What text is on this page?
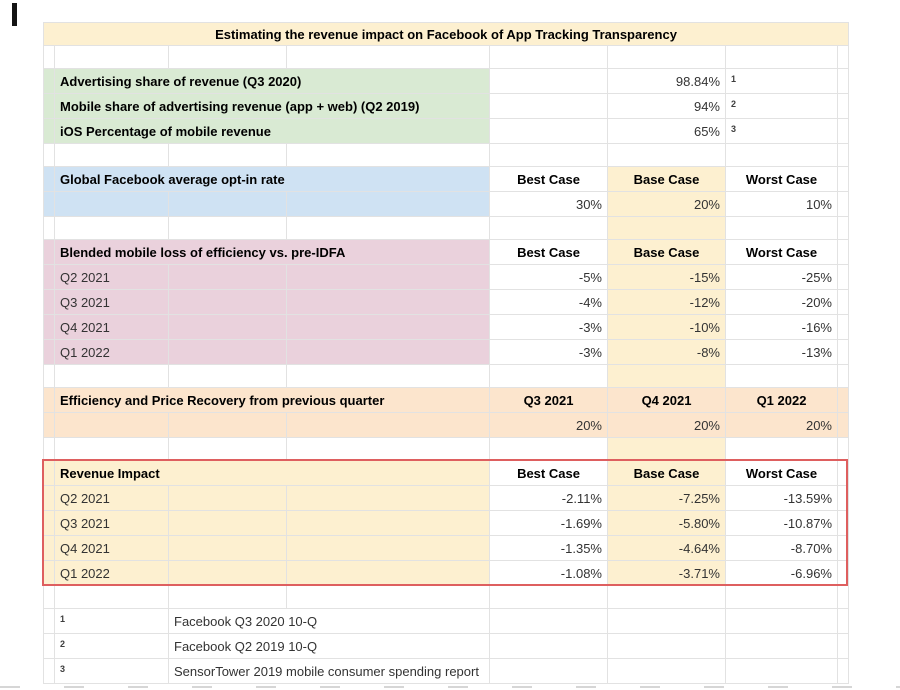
Estimating the revenue impact on Facebook of App Tracking Transparency							

	Advertising share of revenue (Q3 2020)				98.84%	$^1$	
	Mobile share of advertising revenue (app + web) (Q2 2019)				94%	$^2$	
	iOS Percentage of mobile revenue				65%	$^3$	

	Global Facebook average opt-in rate			Best Case	Base Case	Worst Case	
				30%	20%	10%	

	Blended mobile loss of efficiency vs. pre-IDFA			Best Case	Base Case	Worst Case	
	Q2 2021			-5%	-15%	-25%	
	Q3 2021			-4%	-12%	-20%	
	Q4 2021			-3%	-10%	-16%	
	Q1 2022			-3%	-8%	-13%	

	Efficiency and Price Recovery from previous quarter			Q3 2021	Q4 2021	Q1 2022	
				20%	20%	20%	

	Revenue Impact			Best Case	Base Case	Worst Case	
	Q2 2021			-2.11%	-7.25%	-13.59%	
	Q3 2021			-1.69%	-5.80%	-10.87%	
	Q4 2021			-1.35%	-4.64%	-8.70%	
	Q1 2022			-1.08%	-3.71%	-6.96%	

	$^1$	Facebook Q3 2020 10-Q					
	$^2$	Facebook Q2 2019 10-Q					
	$^3$	SensorTower 2019 mobile consumer spending report					
